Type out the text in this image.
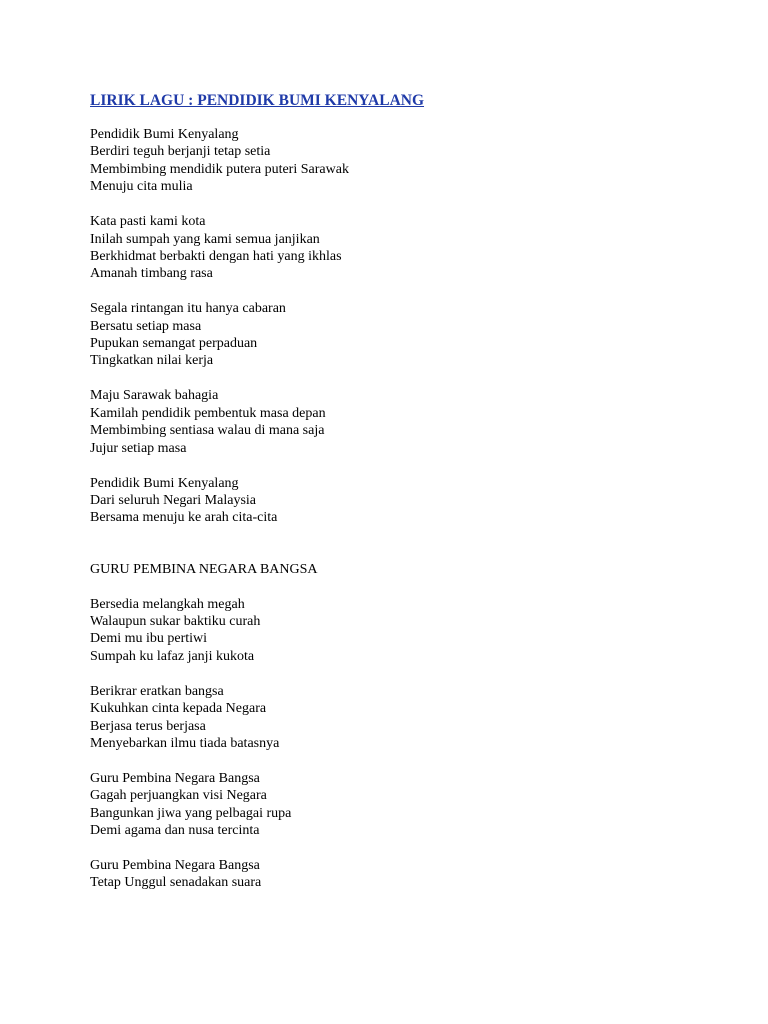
LIRIK LAGU : PENDIDIK BUMI KENYALANG
Pendidik Bumi Kenyalang
Berdiri teguh berjanji tetap setia
Membimbing mendidik putera puteri Sarawak
Menuju cita mulia
Kata pasti kami kota
Inilah sumpah yang kami semua janjikan
Berkhidmat berbakti dengan hati yang ikhlas
Amanah timbang rasa
Segala rintangan itu hanya cabaran
Bersatu setiap masa
Pupukan semangat perpaduan
Tingkatkan nilai kerja
Maju Sarawak bahagia
Kamilah pendidik pembentuk masa depan
Membimbing sentiasa walau di mana saja
Jujur setiap masa
Pendidik Bumi Kenyalang
Dari seluruh Negari Malaysia
Bersama menuju ke arah cita-cita
GURU PEMBINA NEGARA BANGSA
Bersedia melangkah megah
Walaupun sukar baktiku curah
Demi mu ibu pertiwi
Sumpah ku lafaz janji kukota
Berikrar eratkan bangsa
Kukuhkan cinta kepada Negara
Berjasa terus berjasa
Menyebarkan ilmu tiada batasnya
Guru Pembina Negara Bangsa
Gagah perjuangkan visi Negara
Bangunkan jiwa yang pelbagai rupa
Demi agama dan nusa tercinta
Guru Pembina Negara Bangsa
Tetap Unggul senadakan suara
